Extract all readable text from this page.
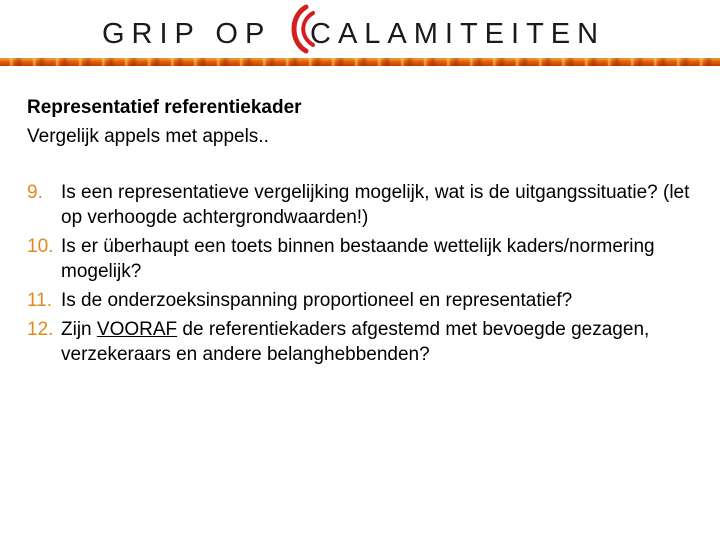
GRIP OP CALAMITEITEN

Representatief referentiekader

Vergelijk appels met appels..

9. Is een representatieve vergelijking mogelijk, wat is de uitgangssituatie? (let op verhoogde achtergrondwaarden!)
10. Is er überhaupt een toets binnen bestaande wettelijk kaders/normering mogelijk?
11. Is de onderzoeksinspanning proportioneel en representatief?
12. Zijn VOORAF de referentiekaders afgestemd met bevoegde gezagen, verzekeraars en andere belanghebbenden?
